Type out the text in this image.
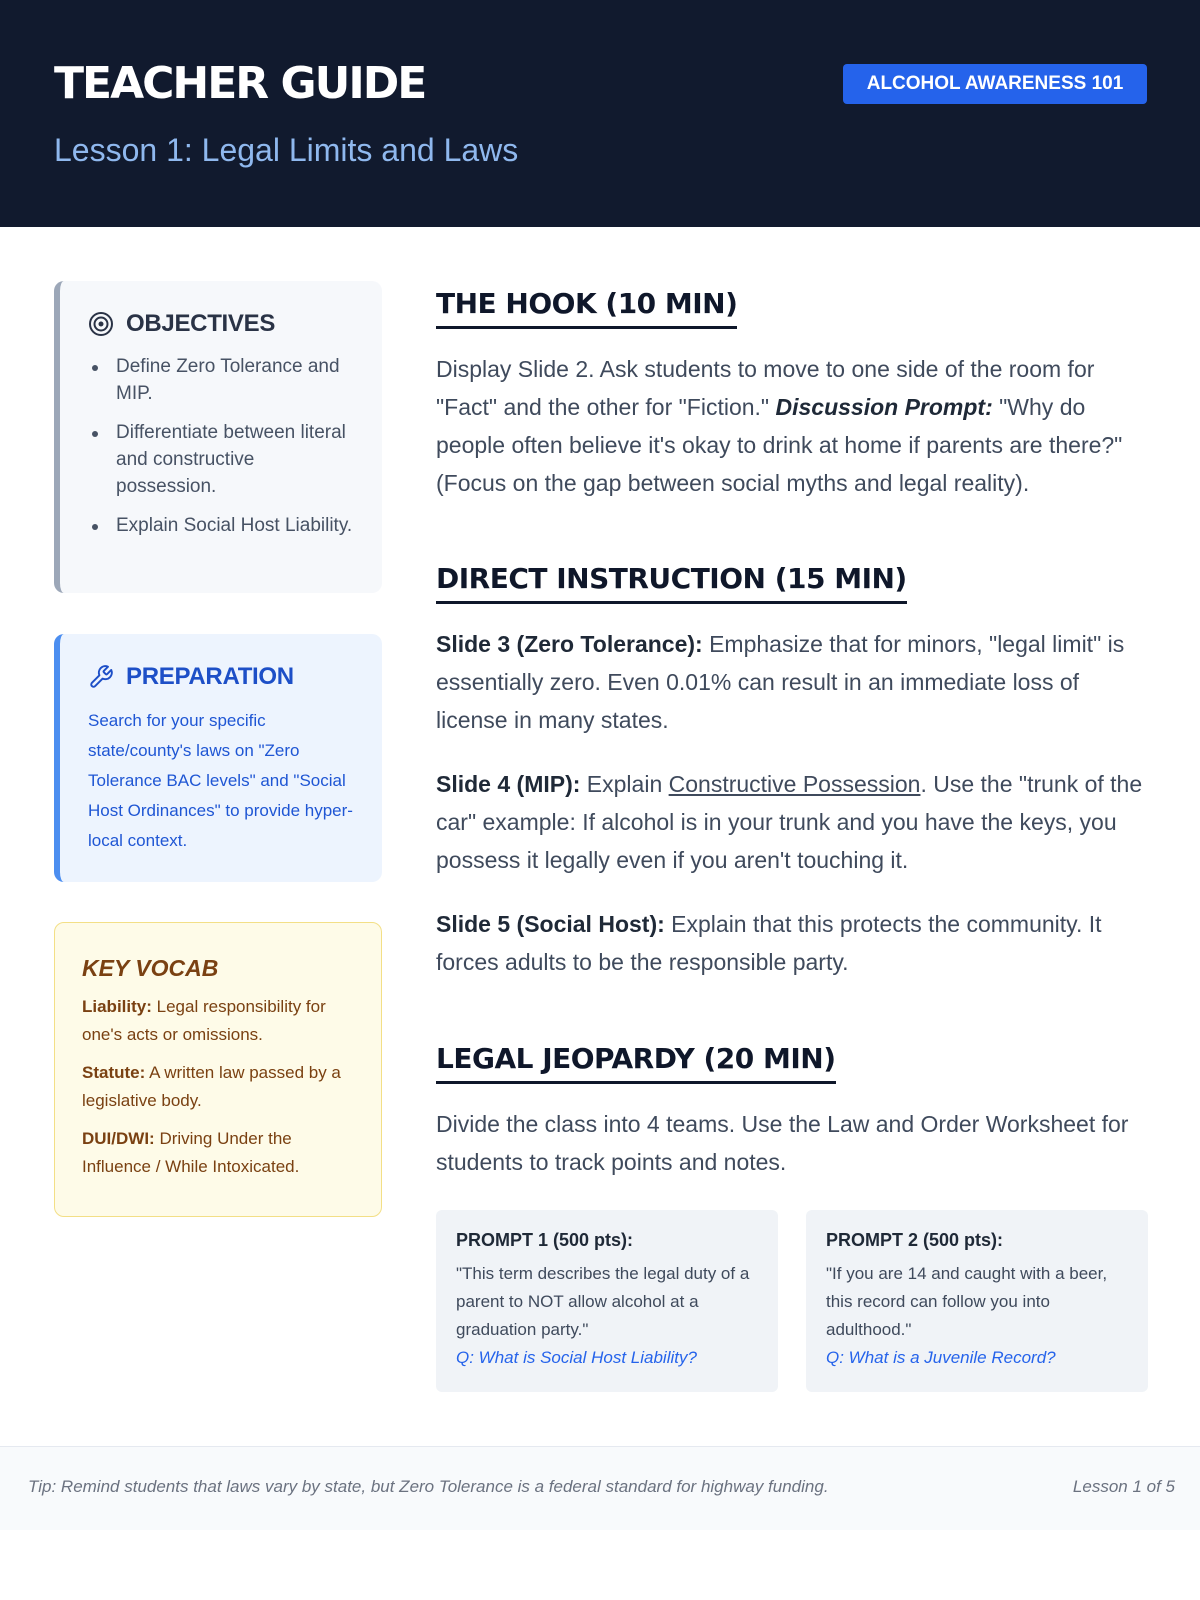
TEACHER GUIDE
Lesson 1: Legal Limits and Laws
ALCOHOL AWARENESS 101
OBJECTIVES
Define Zero Tolerance and MIP.
Differentiate between literal and constructive possession.
Explain Social Host Liability.
PREPARATION
Search for your specific state/county's laws on "Zero Tolerance BAC levels" and "Social Host Ordinances" to provide hyper-local context.
KEY VOCAB
Liability: Legal responsibility for one's acts or omissions.
Statute: A written law passed by a legislative body.
DUI/DWI: Driving Under the Influence / While Intoxicated.
THE HOOK (10 MIN)
Display Slide 2. Ask students to move to one side of the room for "Fact" and the other for "Fiction." Discussion Prompt: "Why do people often believe it's okay to drink at home if parents are there?" (Focus on the gap between social myths and legal reality).
DIRECT INSTRUCTION (15 MIN)
Slide 3 (Zero Tolerance): Emphasize that for minors, "legal limit" is essentially zero. Even 0.01% can result in an immediate loss of license in many states.
Slide 4 (MIP): Explain Constructive Possession. Use the "trunk of the car" example: If alcohol is in your trunk and you have the keys, you possess it legally even if you aren't touching it.
Slide 5 (Social Host): Explain that this protects the community. It forces adults to be the responsible party.
LEGAL JEOPARDY (20 MIN)
Divide the class into 4 teams. Use the Law and Order Worksheet for students to track points and notes.
PROMPT 1 (500 pts):
"This term describes the legal duty of a parent to NOT allow alcohol at a graduation party."
Q: What is Social Host Liability?
PROMPT 2 (500 pts):
"If you are 14 and caught with a beer, this record can follow you into adulthood."
Q: What is a Juvenile Record?
Tip: Remind students that laws vary by state, but Zero Tolerance is a federal standard for highway funding.	Lesson 1 of 5
